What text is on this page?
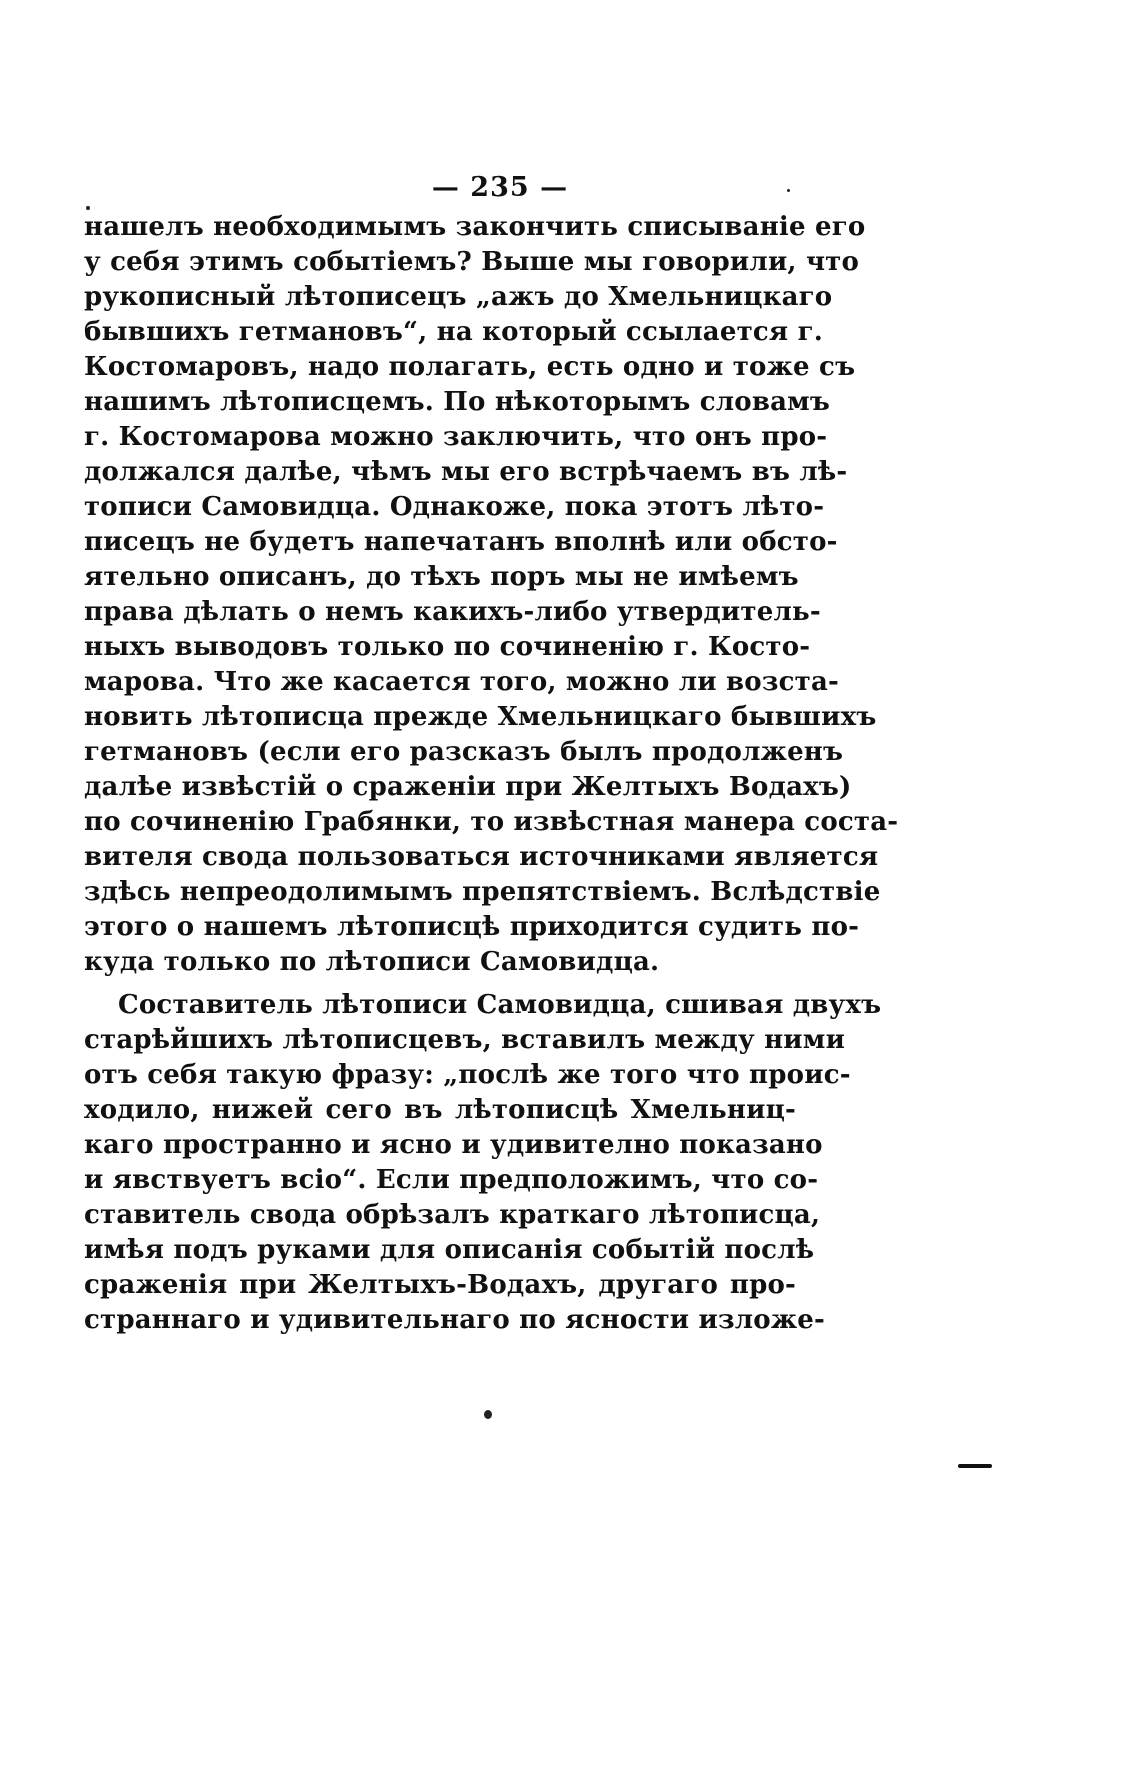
— 235 —

нашелъ необходимымъ закончить списываніе его
у себя этимъ событіемъ? Выше мы говорили, что
рукописный лѣтописецъ „ажъ до Хмельницкаго
бывшихъ гетмановъ“, на который ссылается г.
Костомаровъ, надо полагать, есть одно и тоже съ
нашимъ лѣтописцемъ. По нѣкоторымъ словамъ
г. Костомарова можно заключить, что онъ про-
должался далѣе, чѣмъ мы его встрѣчаемъ въ лѣ-
тописи Самовидца. Однакоже, пока этотъ лѣто-
писецъ не будетъ напечатанъ вполнѣ или обсто-
ятельно описанъ, до тѣхъ поръ мы не имѣемъ
права дѣлать о немъ какихъ-либо утвердитель-
ныхъ выводовъ только по сочиненію г. Косто-
марова. Что же касается того, можно ли возста-
новить лѣтописца прежде Хмельницкаго бывшихъ
гетмановъ (если его разсказъ былъ продолженъ
далѣе извѣстій о сраженіи при Желтыхъ Водахъ)
по сочиненію Грабянки, то извѣстная манера соста-
вителя свода пользоваться источниками является
здѣсь непреодолимымъ препятствіемъ. Вслѣдствіе
этого о нашемъ лѣтописцѣ приходится судить по-
куда только по лѣтописи Самовидца.
Составитель лѣтописи Самовидца, сшивая двухъ
старѣйшихъ лѣтописцевъ, вставилъ между ними
отъ себя такую фразу: „послѣ же того что проис-
ходило, нижей сего въ лѣтописцѣ Хмельниц-
каго пространно и ясно и удивително показано
и явствуетъ всіо“. Если предположимъ, что со-
ставитель свода обрѣзалъ краткаго лѣтописца,
имѣя подъ руками для описанія событій послѣ
сраженія при Желтыхъ-Водахъ, другаго про-
страннаго и удивительнаго по ясности изложе-
